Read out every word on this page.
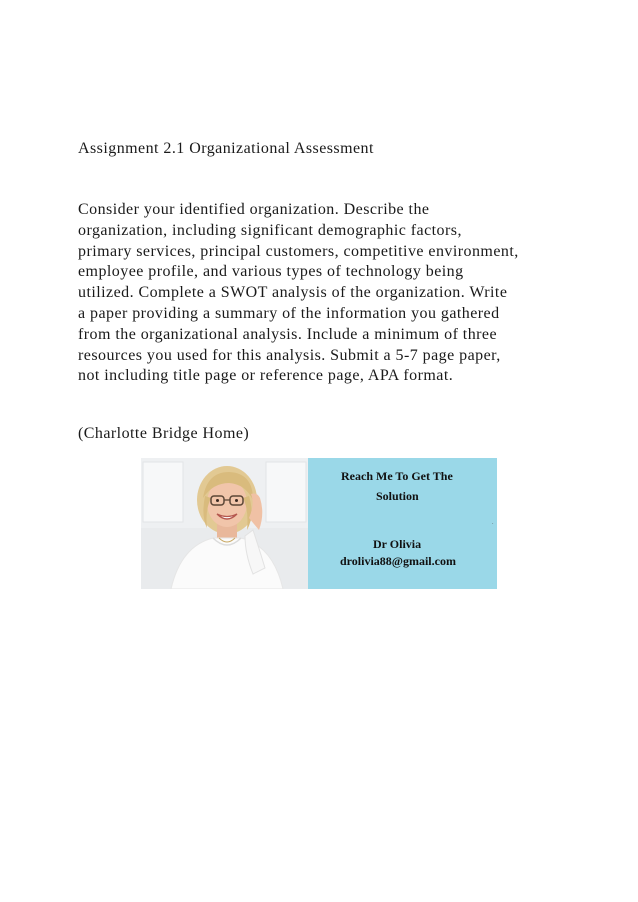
Assignment 2.1 Organizational Assessment
Consider your identified organization. Describe the
organization, including significant demographic factors,
primary services, principal customers, competitive environment,
employee profile, and various types of technology being
utilized. Complete a SWOT analysis of the organization. Write
a paper providing a summary of the information you gathered
from the organizational analysis. Include a minimum of three
resources you used for this analysis. Submit a 5-7 page paper,
not including title page or reference page, APA format.
(Charlotte Bridge Home)
Reach Me To Get The
Solution
.
Dr Olivia
drolivia88@gmail.com
